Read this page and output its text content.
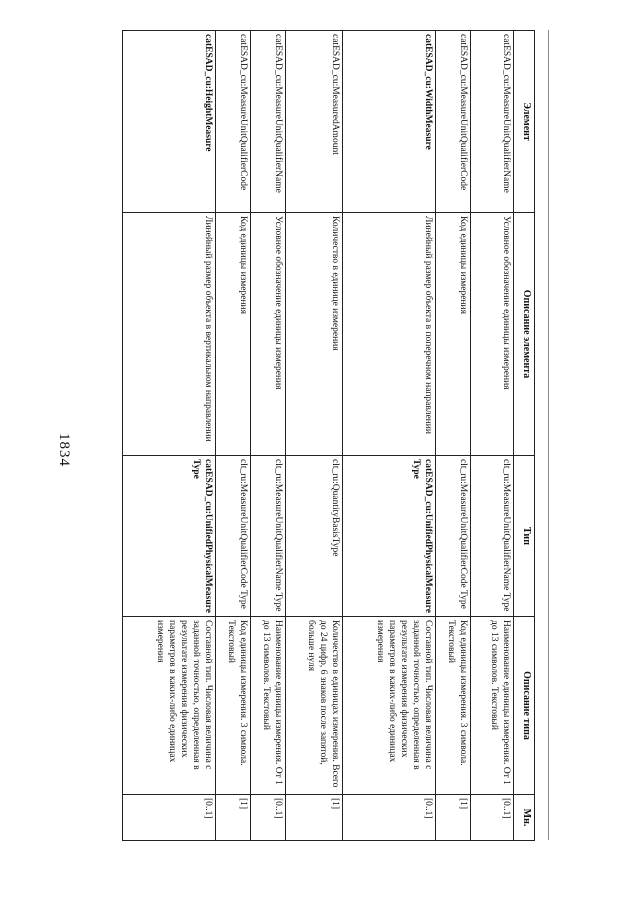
1834
Элемент	Описание элемента	Тип	Описание типа	Мн.
catESAD_cu:MeasureUnitQualifierName	Условное обозначение единицы измерения	clt_ru:MeasureUnitQualifierName Type	Наименование единицы измерения. От 1 до 13 символов. Текстовый	[0..1]
catESAD_cu:MeasureUnitQualifierCode	Код единицы измерения	clt_ru:MeasureUnitQualifierCode Type	Код единицы измерения. 3 символа. Текстовый	[1]
catESAD_cu:WidthMeasure	Линейный размер объекта в поперечном направлении	catESAD_cu:UnifiedPhysicalMeasureType	Составной тип. Числовая величина с заданной точностью, определенная в результате измерения физических параметров в каких-либо единицах измерения	[0..1]
catESAD_cu:MeasuredAmount	Количество в единице измерения	clt_ru:QuantityBasisType	Количество в единицах измерения. Всего до 24 цифр, 6 знаков после запятой, больше нуля	[1]
catESAD_cu:MeasureUnitQualifierName	Условное обозначение единицы измерения	clt_ru:MeasureUnitQualifierName Type	Наименование единицы измерения. От 1 до 13 символов. Текстовый	[0..1]
catESAD_cu:MeasureUnitQualifierCode	Код единицы измерения	clt_ru:MeasureUnitQualifierCode Type	Код единицы измерения. 3 символа. Текстовый	[1]
catESAD_cu:HeightMeasure	Линейный размер объекта в вертикальном направлении	catESAD_cu:UnifiedPhysicalMeasureType	Составной тип. Числовая величина с заданной точностью, определенная в результате измерения физических параметров в каких-либо единицах измерения	[0..1]
